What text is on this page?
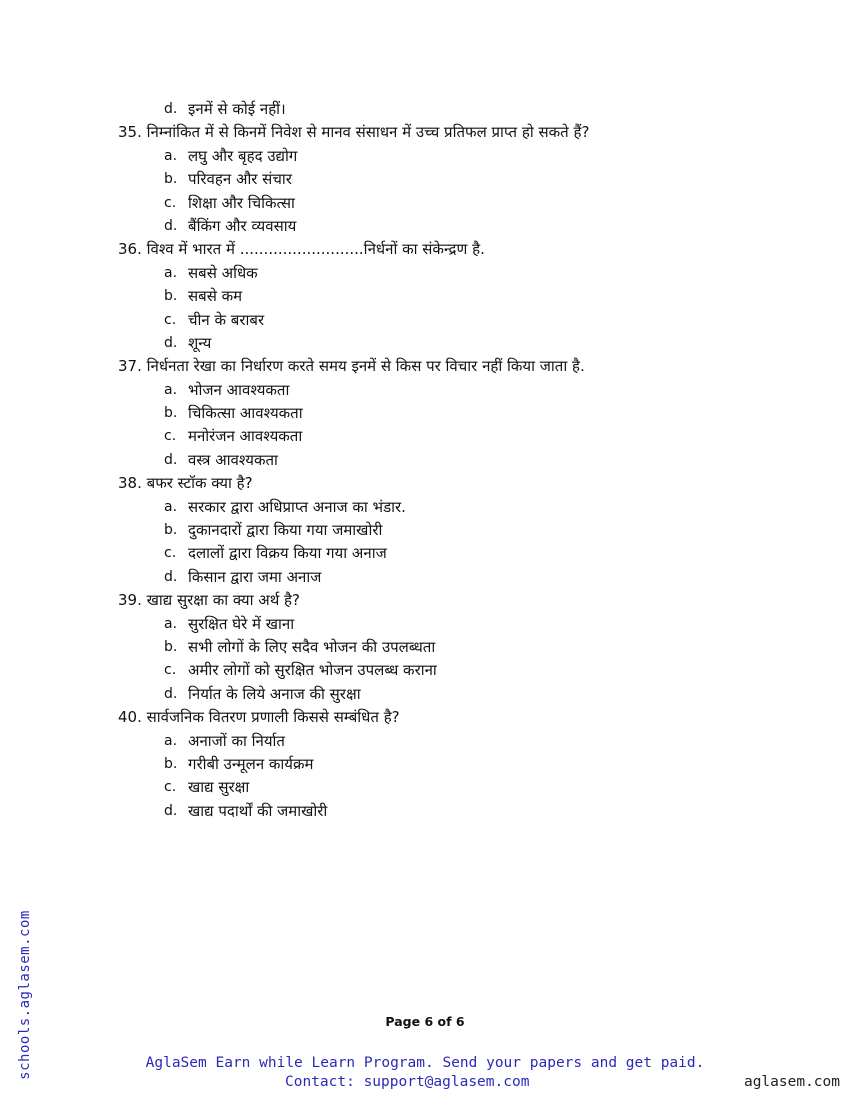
d. इनमें से कोई नहीं।
35. निम्नांकित में से किनमें निवेश से मानव संसाधन में उच्च प्रतिफल प्राप्त हो सकते हैं?
a. लघु और बृहद उद्योग
b. परिवहन और संचार
c. शिक्षा और चिकित्सा
d. बैंकिंग और व्यवसाय
36. विश्व में भारत में ..........................निर्धनों का संकेन्द्रण है.
a. सबसे अधिक
b. सबसे कम
c. चीन के बराबर
d. शून्य
37. निर्धनता रेखा का निर्धारण करते समय इनमें से किस पर विचार नहीं किया जाता है.
a. भोजन आवश्यकता
b. चिकित्सा आवश्यकता
c. मनोरंजन आवश्यकता
d. वस्त्र आवश्यकता
38. बफर स्टॉक क्या है?
a. सरकार द्वारा अधिप्राप्त अनाज का भंडार.
b. दुकानदारों द्वारा किया गया जमाखोरी
c. दलालों द्वारा विक्रय किया गया अनाज
d. किसान द्वारा जमा अनाज
39. खाद्य सुरक्षा का क्या अर्थ है?
a. सुरक्षित घेरे में खाना
b. सभी लोगों के लिए सदैव भोजन की उपलब्धता
c. अमीर लोगों को सुरक्षित भोजन उपलब्ध कराना
d. निर्यात के लिये अनाज की सुरक्षा
40. सार्वजनिक वितरण प्रणाली किससे सम्बंधित है?
a. अनाजों का निर्यात
b. गरीबी उन्मूलन कार्यक्रम
c. खाद्य सुरक्षा
d. खाद्य पदार्थों की जमाखोरी
schools.aglasem.com	Page 6 of 6
AglaSem Earn while Learn Program. Send your papers and get paid.
Contact: support@aglasem.com	aglasem.com
